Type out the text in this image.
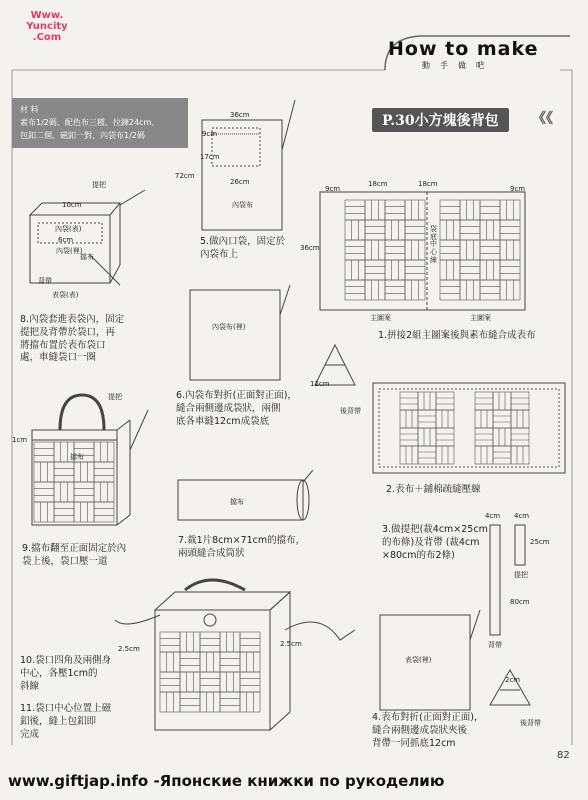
Www.
Yuncity
.Com
How to make
動手做吧
P.30小方塊後背包	《《
材 料
素布1/2碼、配色布三種、拉鍊24cm、
包釦二個、磁釦一對、內袋布1/2碼
36cm
9cm
17cm
72cm
26cm
內袋布
5.做內口袋，固定於
內袋布上
9cm
18cm	18cm
9cm
36cm
袋底中心線
主圖案	主圖案
1.拼接2組主圖案後與素布縫合成表布
提把
10cm
內袋(表)
6cm
內袋(裡)
擋布
背帶
表袋(表)
8.內袋套進表袋內，固定
提把及背帶於袋口，再
將擋布置於表布袋口
處，車縫袋口一圈
內袋布(裡)
12cm
後背帶
6.內袋布對折(正面對正面)，
縫合兩側邊成袋狀，兩側
底各車縫12cm成袋底
2.表布＋鋪棉疏縫壓線
提把
1cm
擋布
9.擋布翻至正面固定於內
袋上後，袋口壓一道
擋布
7.裁1片8cm×71cm的擋布，
兩頭縫合成筒狀
3.做提把(裁4cm×25cm
的布條)及背帶 (裁4cm
×80cm的布2條)
4cm 4cm
25cm
提把
80cm
背帶
2.5cm
2.5cm
10.袋口四角及兩側身
中心，各壓1cm的
斜線
11.袋口中心位置上磁
釦後，縫上包釦即
完成
表袋(裡)
2cm
後背帶
4.表布對折(正面對正面)，
縫合兩側邊成袋狀夾後
背帶一同抓底12cm
82
www.giftjap.info -Японские книжки по рукоделию
